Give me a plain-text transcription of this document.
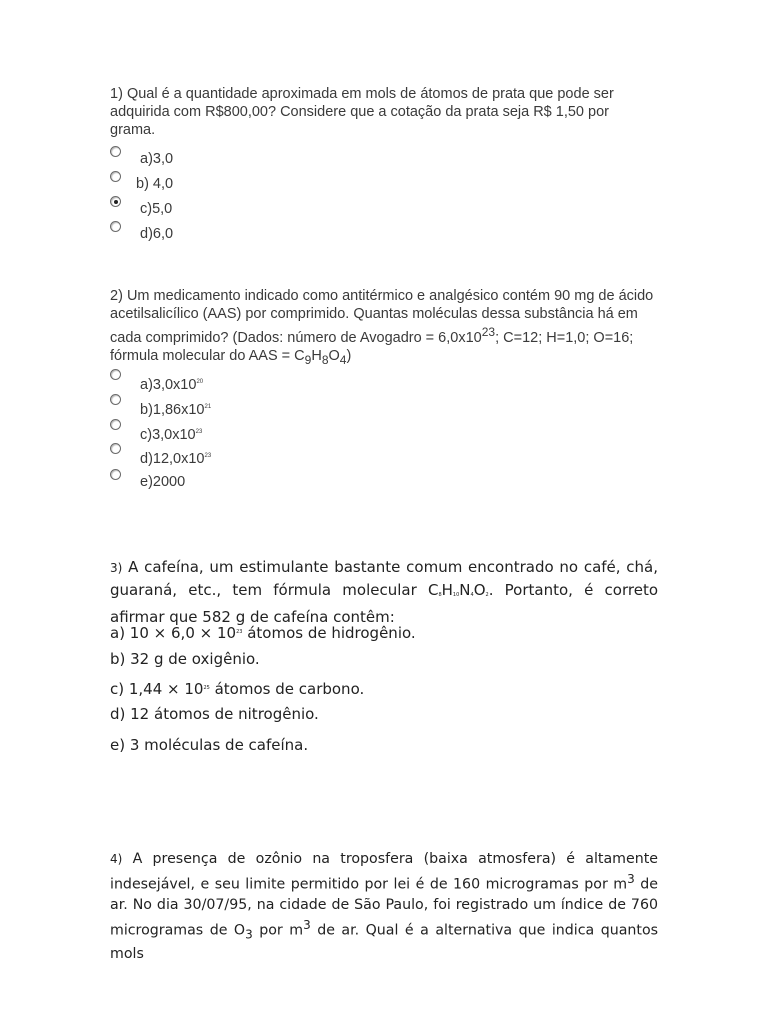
1) Qual é a quantidade aproximada em mols de átomos de prata que pode ser adquirida com R$800,00? Considere que a cotação da prata seja R$ 1,50 por grama.
a)3,0
b) 4,0
c)5,0
d)6,0
2) Um medicamento indicado como antitérmico e analgésico contém 90 mg de ácido acetilsalicílico (AAS) por comprimido. Quantas moléculas dessa substância há em cada comprimido? (Dados: número de Avogadro = $6,0x10^{23}$; C=12; H=1,0; O=16; fórmula molecular do AAS = $C_9H_8O_4$)
$a)3,0x10^{20}$
$b)1,86x10^{21}$
$c)3,0x10^{23}$
$d)12,0x10^{23}$
e)2000
3) A cafeína, um estimulante bastante comum encontrado no café, chá, guaraná, etc., tem fórmula molecular C8H10N4O2. Portanto, é correto afirmar que 582 g de cafeína contêm:
a) $10 \times 6,0 \times 10^{23}$ átomos de hidrogênio.
b) 32 g de oxigênio.
c) $1,44 \times 10^{25}$ átomos de carbono.
d) 12 átomos de nitrogênio.
e) 3 moléculas de cafeína.
4) A presença de ozônio na troposfera (baixa atmosfera) é altamente indesejável, e seu limite permitido por lei é de 160 microgramas por $m^3$ de ar. No dia 30/07/95, na cidade de São Paulo, foi registrado um índice de 760 microgramas de $O_3$ por $m^3$ de ar. Qual é a alternativa que indica quantos mols
